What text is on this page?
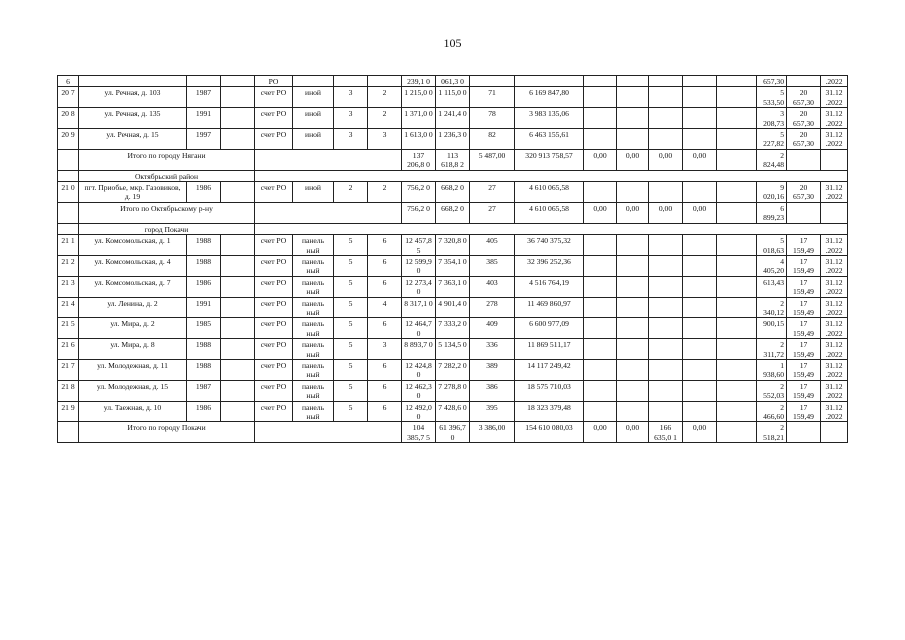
105
6				РО				239,1 0	061,3 0								657,30		.2022
20 7	ул. Речная, д. 103	1987		счет РО	иной	3	2	1 215,0 0	1 115,0 0	71	6 169 847,80						5 533,50	20 657,30	31.12 .2022
20 8	ул. Речная, д. 135	1991		счет РО	иной	3	2	1 371,0 0	1 241,4 0	78	3 983 135,06						3 208,73	20 657,30	31.12 .2022
20 9	ул. Речная, д. 15	1997		счет РО	иной	3	3	1 613,0 0	1 236,3 0	82	6 463 155,61						5 227,82	20 657,30	31.12 .2022
	Итого по городу Нягани							137 206,8 0	113 618,8 2	5 487,00	320 913 758,57	0,00	0,00	0,00	0,00		2 824,48		
	Октябрьский район																		
21 0	пгт. Приобье, мкр. Газовиков, д. 19	1986		счет РО	иной	2	2	756,2 0	668,2 0	27	4 610 065,58						9 020,16	20 657,30	31.12 .2022
	Итого по Октябрьскому р-ну							756,2 0	668,2 0	27	4 610 065,58	0,00	0,00	0,00	0,00		6 899,23		
	город Покачи																		
21 1	ул. Комсомольская, д. 1	1988		счет РО	панель ный	5	6	12 457,8 5	7 320,8 0	405	36 740 375,32						5 018,63	17 159,49	31.12 .2022
21 2	ул. Комсомольская, д. 4	1988		счет РО	панель ный	5	6	12 599,9 0	7 354,1 0	385	32 396 252,36						4 405,20	17 159,49	31.12 .2022
21 3	ул. Комсомольская, д. 7	1986		счет РО	панель ный	5	6	12 273,4 0	7 363,1 0	403	4 516 764,19						613,43	17 159,49	31.12 .2022
21 4	ул. Ленина, д. 2	1991		счет РО	панель ный	5	4	8 317,1 0	4 901,4 0	278	11 469 860,97						2 340,12	17 159,49	31.12 .2022
21 5	ул. Мира, д. 2	1985		счет РО	панель ный	5	6	12 464,7 0	7 333,2 0	409	6 600 977,09						900,15	17 159,49	31.12 .2022
21 6	ул. Мира, д. 8	1988		счет РО	панель ный	5	3	8 893,7 0	5 134,5 0	336	11 869 511,17						2 311,72	17 159,49	31.12 .2022
21 7	ул. Молодежная, д. 11	1988		счет РО	панель ный	5	6	12 424,8 0	7 282,2 0	389	14 117 249,42						1 938,60	17 159,49	31.12 .2022
21 8	ул. Молодежная, д. 15	1987		счет РО	панель ный	5	6	12 462,3 0	7 278,8 0	386	18 575 710,03						2 552,03	17 159,49	31.12 .2022
21 9	ул. Таежная, д. 10	1986		счет РО	панель ный	5	6	12 492,0 0	7 428,6 0	395	18 323 379,48						2 466,60	17 159,49	31.12 .2022
	Итого по городу Покачи							104 385,7 5	61 396,7 0	3 386,00	154 610 080,03	0,00	0,00	166 635,0 1	0,00		2 518,21		
